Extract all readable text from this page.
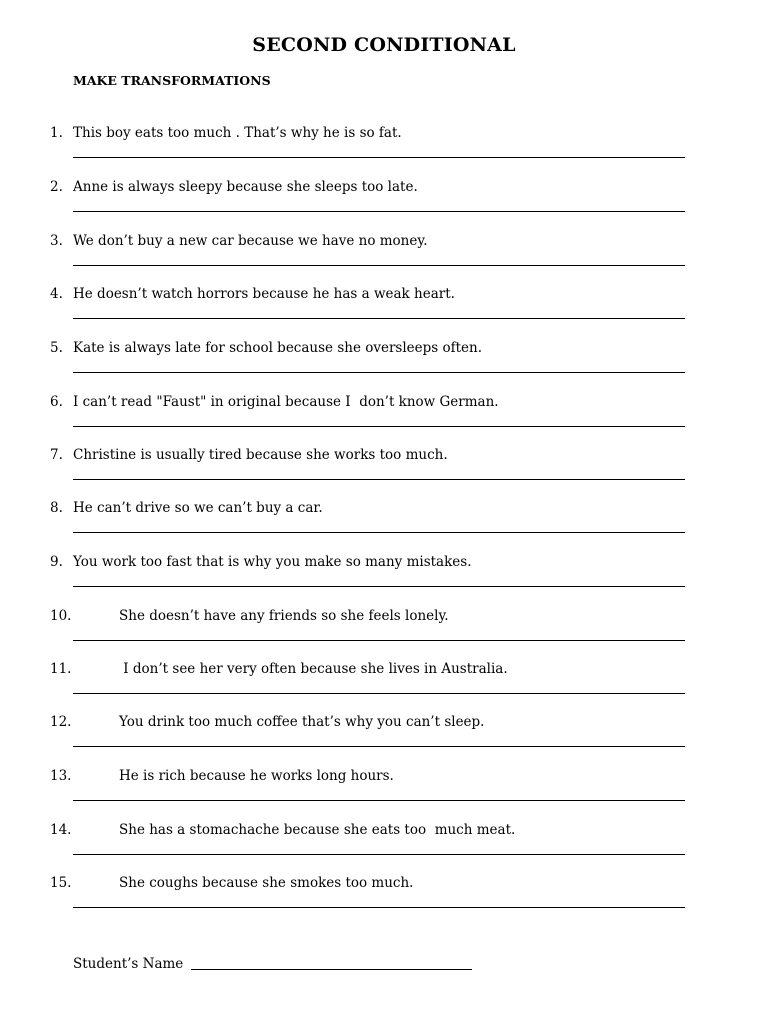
SECOND CONDITIONAL
MAKE TRANSFORMATIONS
1. This boy eats too much . That’s why he is so fat.
2. Anne is always sleepy because she sleeps too late.
3. We don’t buy a new car because we have no money.
4. He doesn’t watch horrors because he has a weak heart.
5. Kate is always late for school because she oversleeps often.
6. I can’t read "Faust" in original because I  don’t know German.
7. Christine is usually tired because she works too much.
8. He can’t drive so we can’t buy a car.
9. You work too fast that is why you make so many mistakes.
10.	She doesn’t have any friends so she feels lonely.
11.	I don’t see her very often because she lives in Australia.
12.	You drink too much coffee that’s why you can’t sleep.
13.	He is rich because he works long hours.
14.	She has a stomachache because she eats too  much meat.
15.	She coughs because she smokes too much.
Student’s Name
